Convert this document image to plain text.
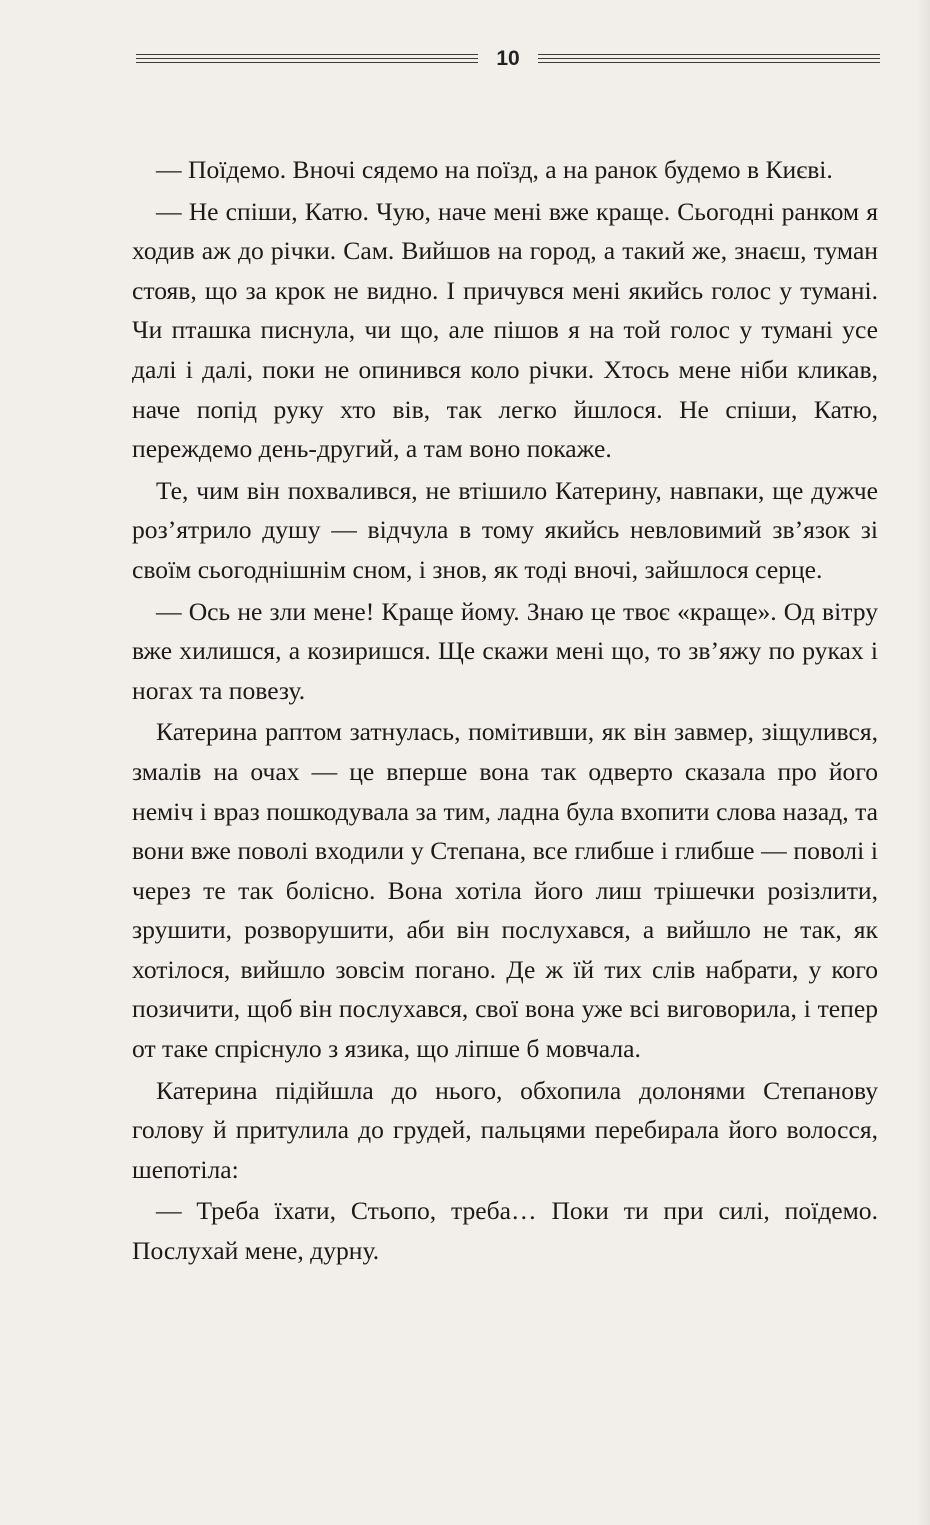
10

— Поїдемо. Вночі сядемо на поїзд, а на ранок будемо в Києві.

— Не спіши, Катю. Чую, наче мені вже краще. Сьогодні ранком я ходив аж до річки. Сам. Вийшов на город, а такий же, знаєш, туман стояв, що за крок не видно. І причувся мені якийсь голос у тумані. Чи пташка писнула, чи що, але пішов я на той голос у тумані усе далі і далі, поки не опинився коло річки. Хтось мене ніби кликав, наче попід руку хто вів, так легко йшлося. Не спіши, Катю, переждемо день-другий, а там воно покаже.

Те, чим він похвалився, не втішило Катерину, навпаки, ще дужче роз’ятрило душу — відчула в тому якийсь невловимий зв’язок зі своїм сьогоднішнім сном, і знов, як тоді вночі, зайшлося серце.

— Ось не зли мене! Краще йому. Знаю це твоє «краще». Од вітру вже хилишся, а козиришся. Ще скажи мені що, то зв’яжу по руках і ногах та повезу.

Катерина раптом затнулась, помітивши, як він завмер, зіщулився, змалів на очах — це вперше вона так одверто сказала про його неміч і враз пошкодувала за тим, ладна була вхопити слова назад, та вони вже поволі входили у Степана, все глибше і глибше — поволі і через те так болісно. Вона хотіла його лиш трішечки розізлити, зрушити, розворушити, аби він послухався, а вийшло не так, як хотілося, вийшло зовсім погано. Де ж їй тих слів набрати, у кого позичити, щоб він послухався, свої вона уже всі виговорила, і тепер от таке спріснуло з язика, що ліпше б мовчала.

Катерина підійшла до нього, обхопила долонями Степанову голову й притулила до грудей, пальцями перебирала його волосся, шепотіла:

— Треба їхати, Стьопо, треба… Поки ти при силі, поїдемо. Послухай мене, дурну.
